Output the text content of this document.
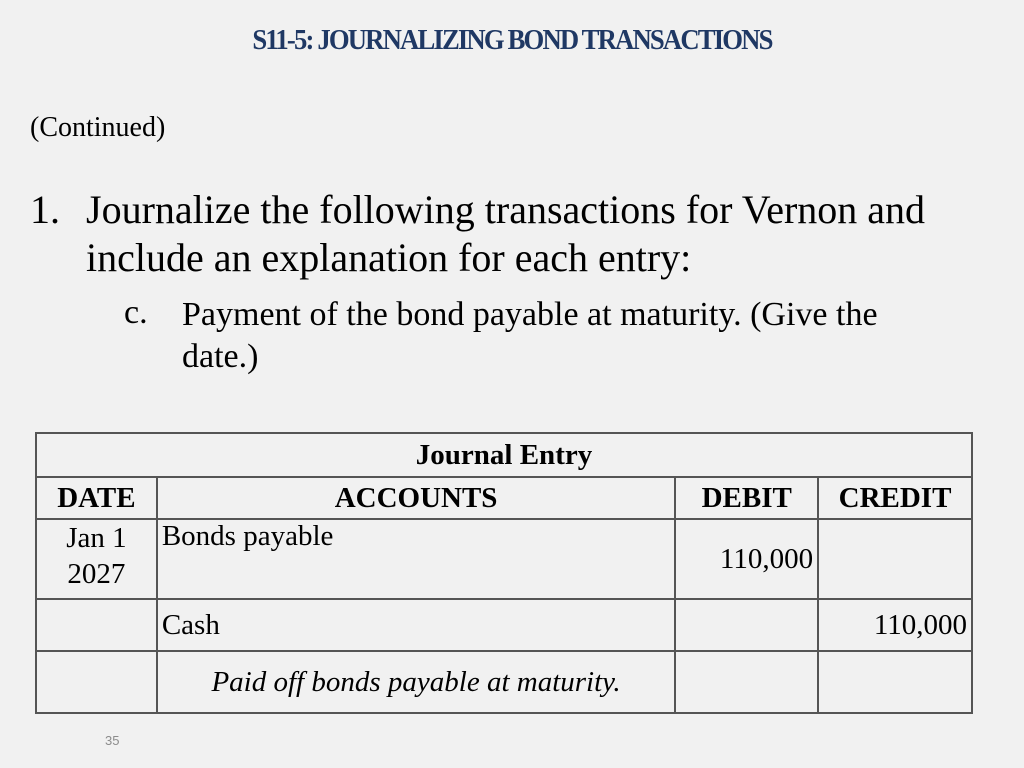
S11-5: JOURNALIZING BOND TRANSACTIONS
(Continued)
1. Journalize the following transactions for Vernon and include an explanation for each entry:
c. Payment of the bond payable at maturity. (Give the date.)
Journal Entry			
DATE	ACCOUNTS	DEBIT	CREDIT

Jan 1
2027	Bonds payable	110,000	
	Cash		110,000
	Paid off bonds payable at maturity.		
35
